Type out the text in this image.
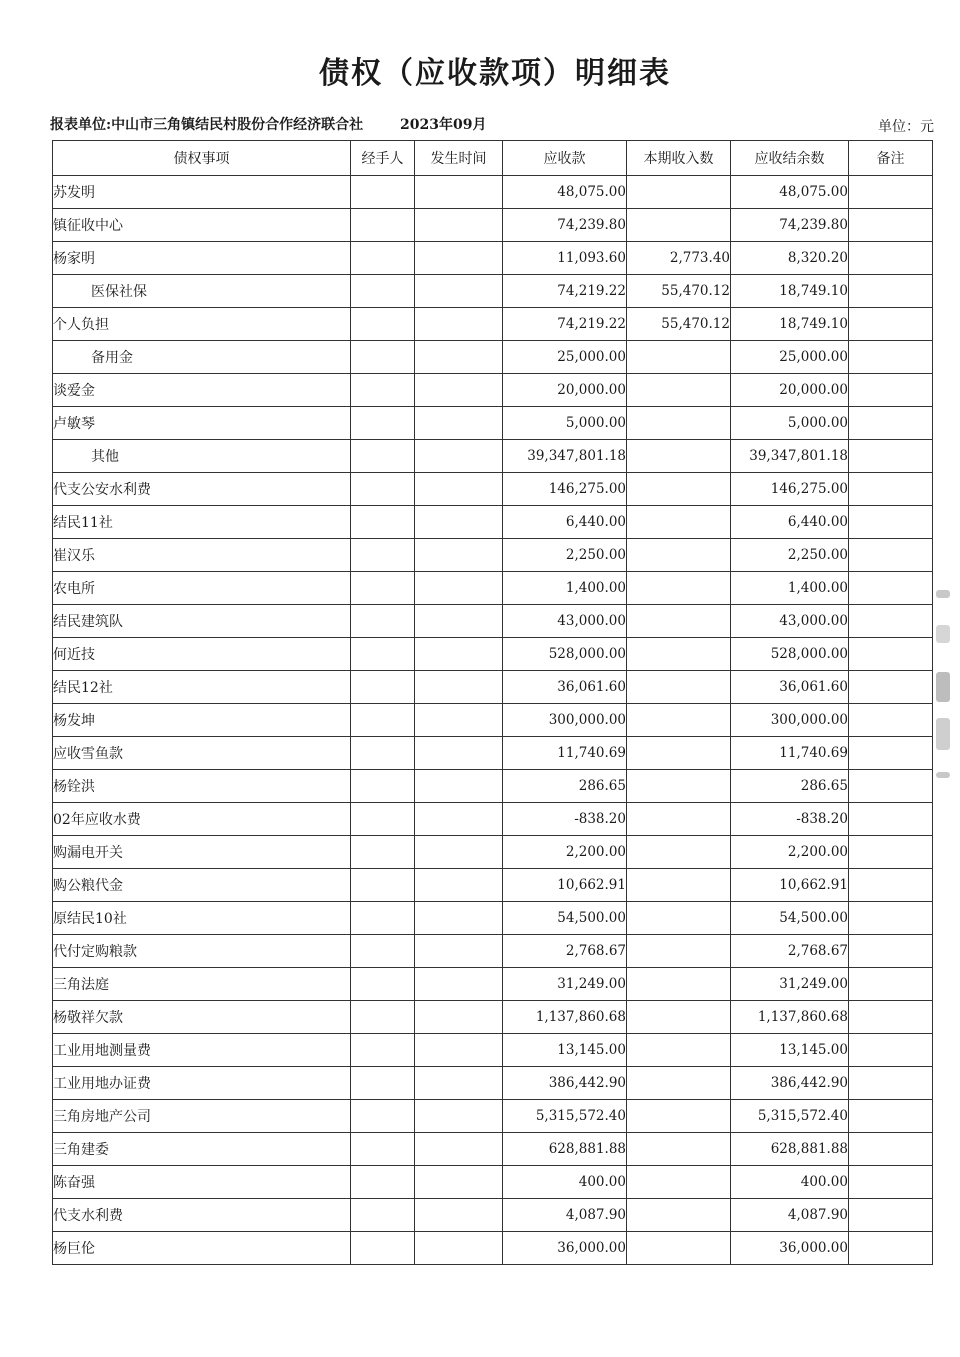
债权（应收款项）明细表
报表单位:中山市三角镇结民村股份合作经济联合社	2023年09月	单位：元
债权事项	经手人	发生时间	应收款	本期收入数	应收结余数	备注
苏发明			48,075.00		48,075.00	
镇征收中心			74,239.80		74,239.80	
杨家明			11,093.60	2,773.40	8,320.20	
医保社保			74,219.22	55,470.12	18,749.10	
个人负担			74,219.22	55,470.12	18,749.10	
备用金			25,000.00		25,000.00	
谈爱金			20,000.00		20,000.00	
卢敏琴			5,000.00		5,000.00	
其他			39,347,801.18		39,347,801.18	
代支公安水利费			146,275.00		146,275.00	
结民11社			6,440.00		6,440.00	
崔汉乐			2,250.00		2,250.00	
农电所			1,400.00		1,400.00	
结民建筑队			43,000.00		43,000.00	
何近技			528,000.00		528,000.00	
结民12社			36,061.60		36,061.60	
杨发坤			300,000.00		300,000.00	
应收雪鱼款			11,740.69		11,740.69	
杨铨洪			286.65		286.65	
02年应收水费			-838.20		-838.20	
购漏电开关			2,200.00		2,200.00	
购公粮代金			10,662.91		10,662.91	
原结民10社			54,500.00		54,500.00	
代付定购粮款			2,768.67		2,768.67	
三角法庭			31,249.00		31,249.00	
杨敬祥欠款			1,137,860.68		1,137,860.68	
工业用地测量费			13,145.00		13,145.00	
工业用地办证费			386,442.90		386,442.90	
三角房地产公司			5,315,572.40		5,315,572.40	
三角建委			628,881.88		628,881.88	
陈奋强			400.00		400.00	
代支水利费			4,087.90		4,087.90	
杨巨伦			36,000.00		36,000.00	
